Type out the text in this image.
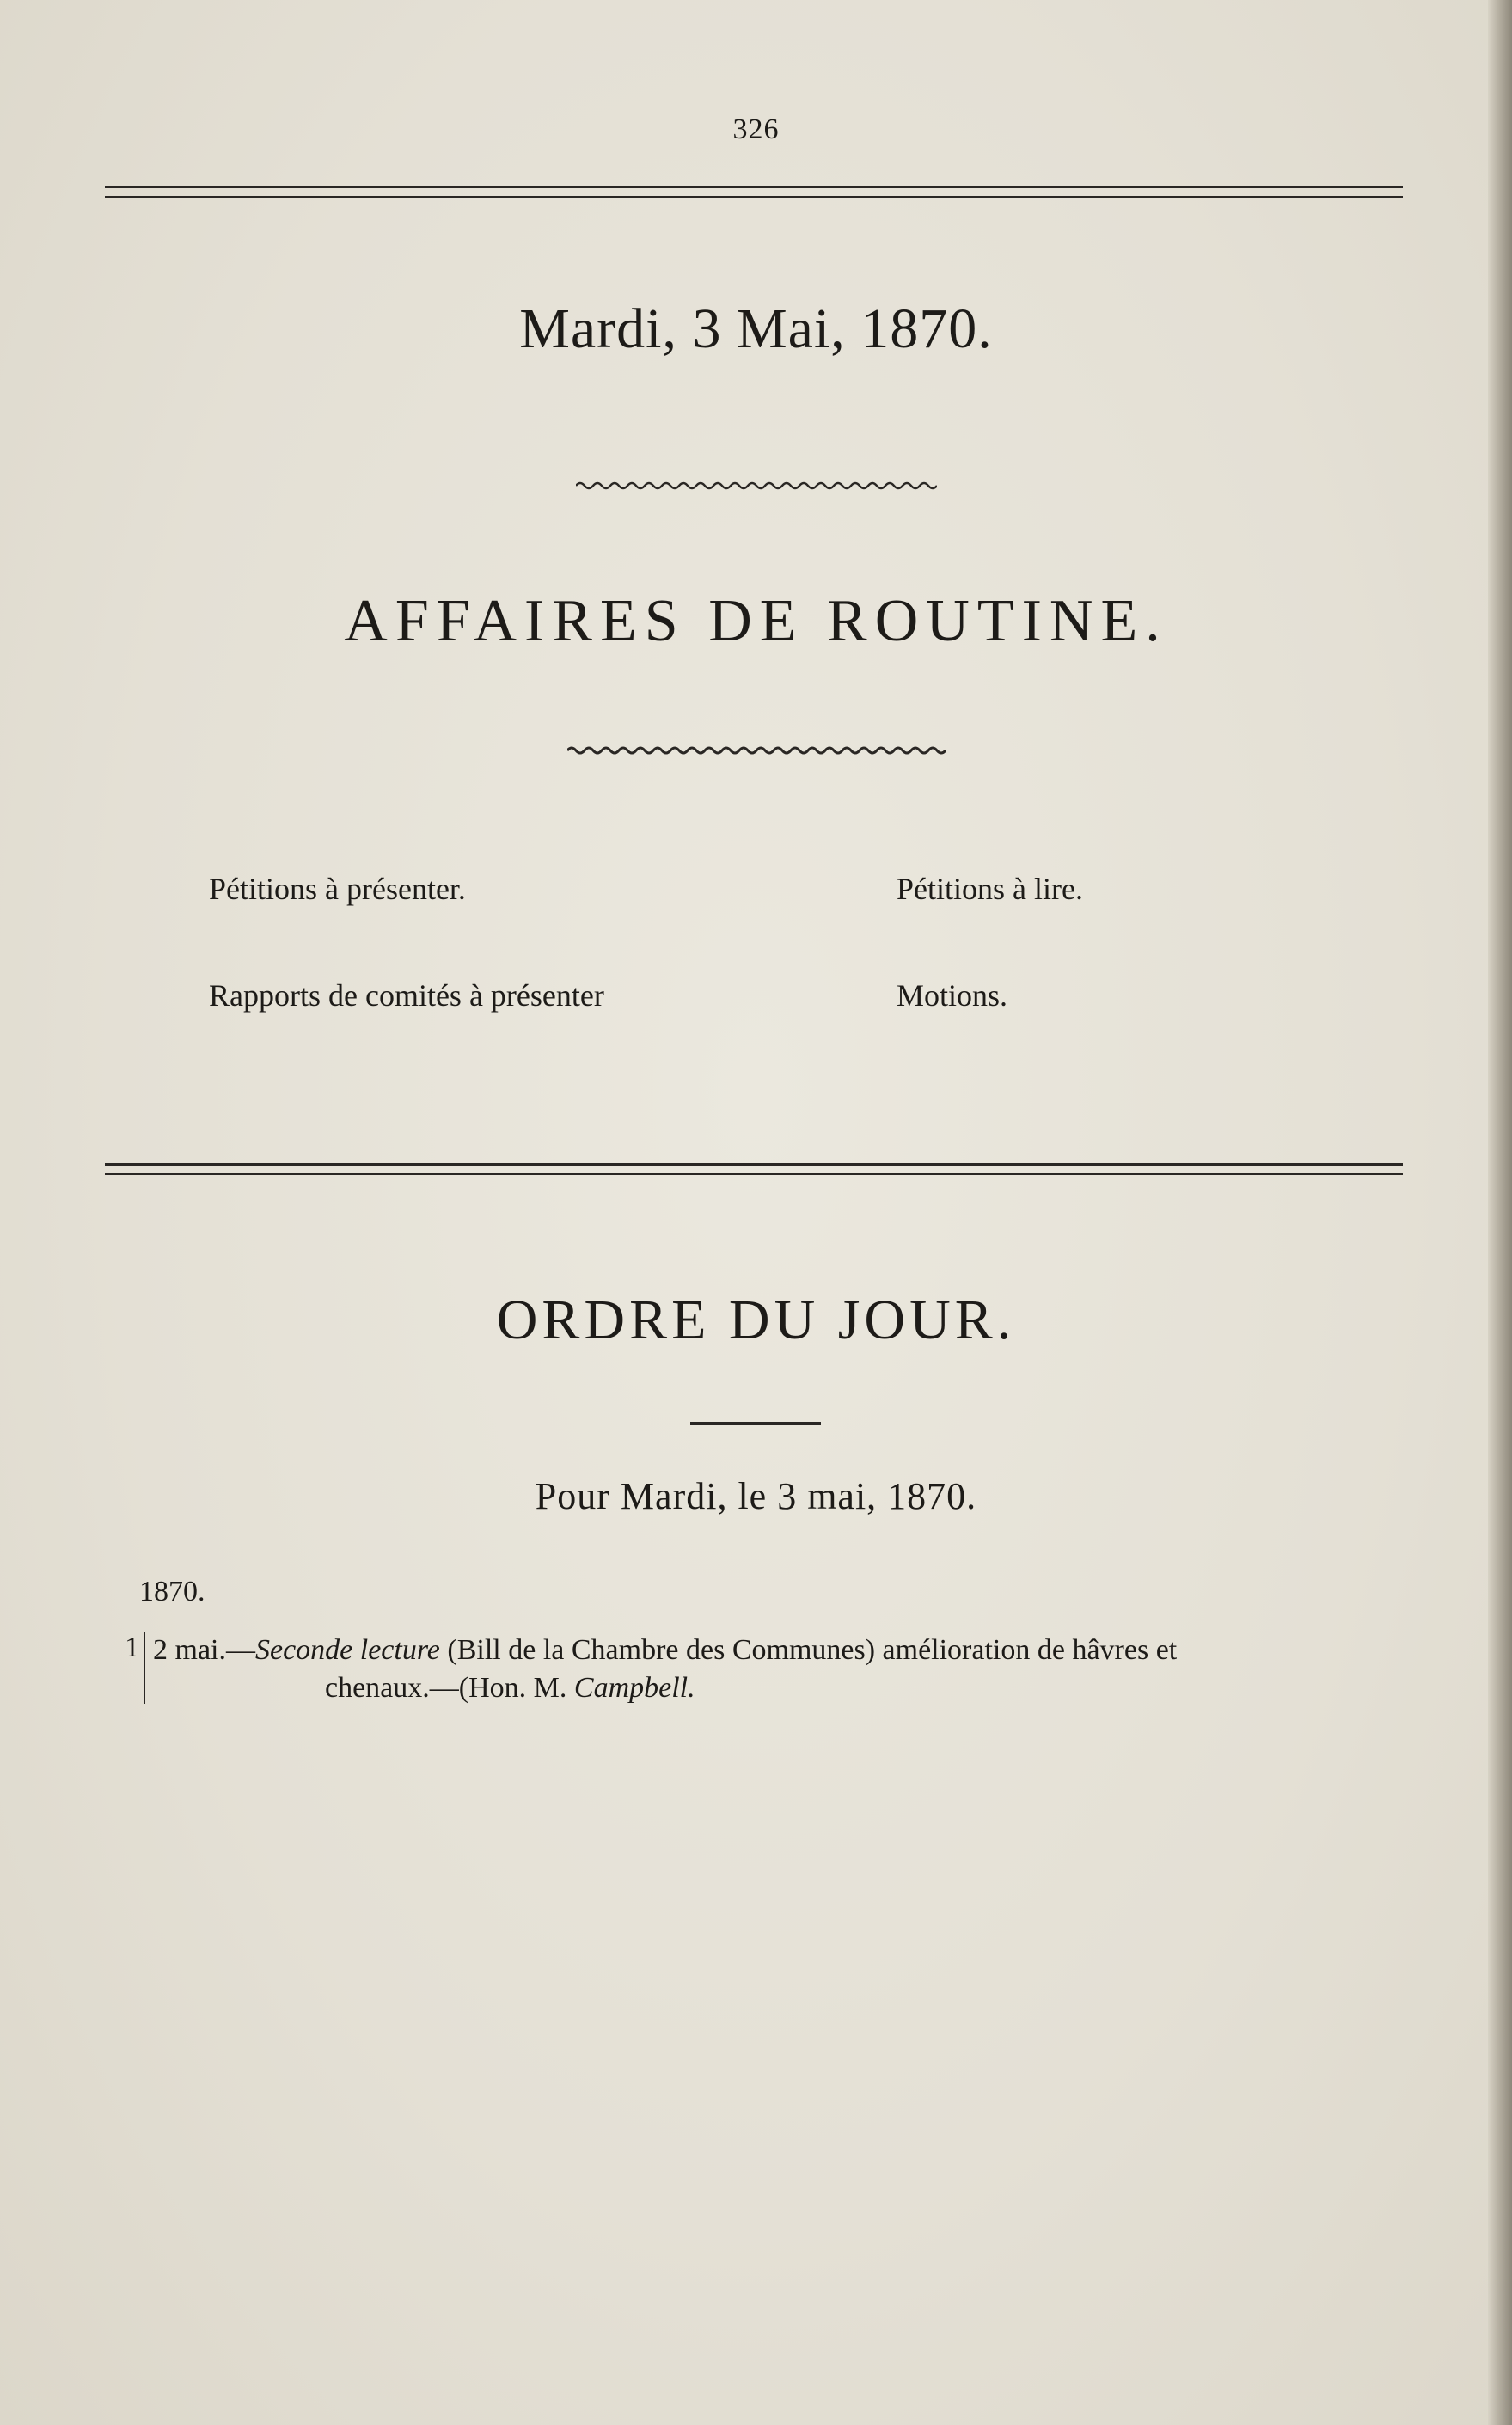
326
Mardi, 3 Mai, 1870.
AFFAIRES DE ROUTINE.
Pétitions à présenter.	Pétitions à lire.
Rapports de comités à présenter	Motions.
ORDRE DU JOUR.
Pour Mardi, le 3 mai, 1870.
1870.
1 2 mai.—Seconde lecture (Bill de la Chambre des Communes) amélioration de hâvres et
chenaux.—(Hon. M. Campbell.
